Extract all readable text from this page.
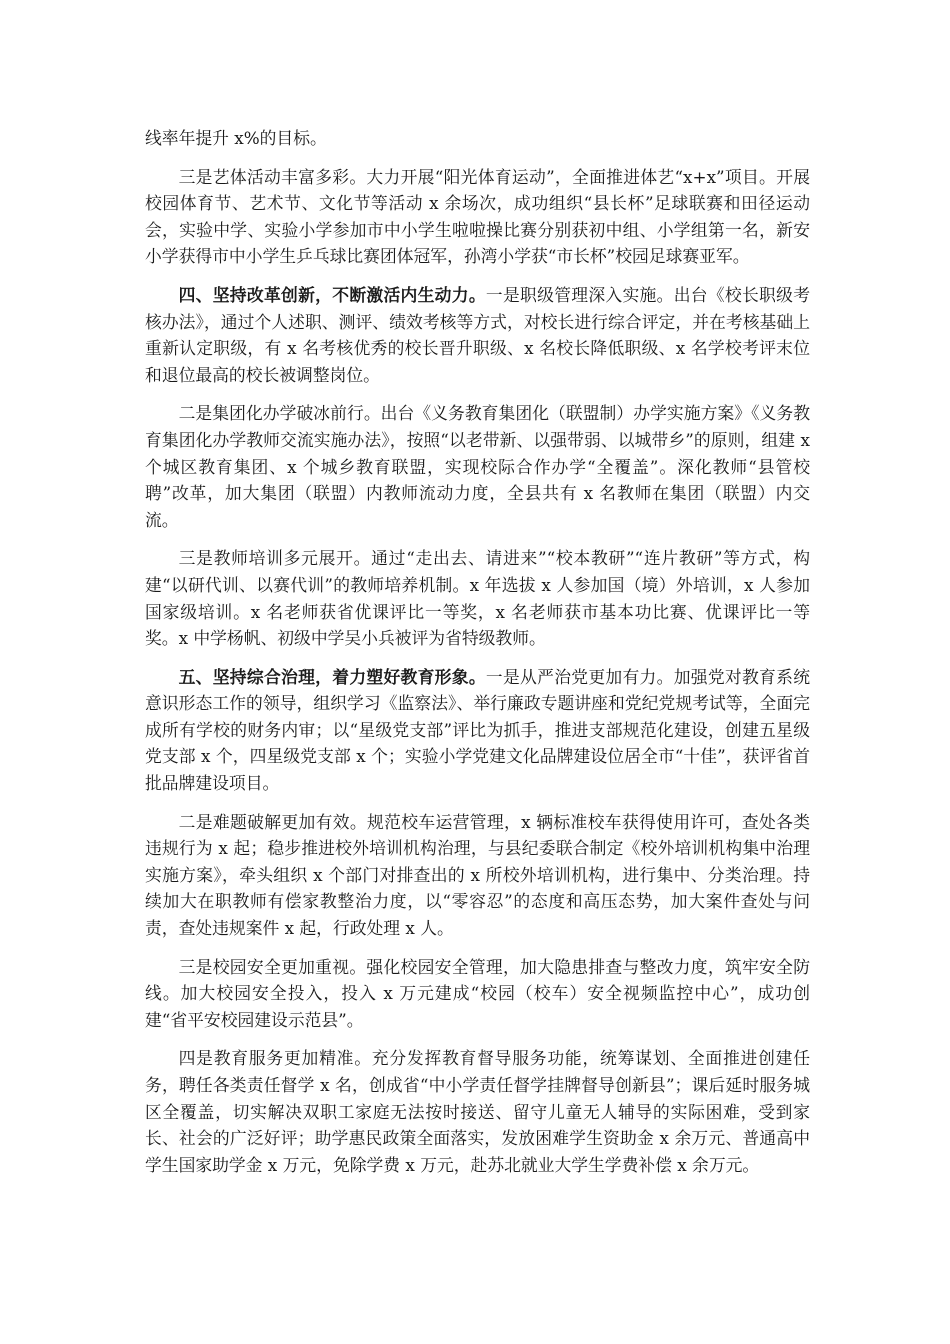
线率年提升 x%的目标。

三是艺体活动丰富多彩。大力开展“阳光体育运动”，全面推进体艺“x+x”项目。开展校园体育节、艺术节、文化节等活动 x 余场次，成功组织“县长杯”足球联赛和田径运动会，实验中学、实验小学参加市中小学生啦啦操比赛分别获初中组、小学组第一名，新安小学获得市中小学生乒乓球比赛团体冠军，孙湾小学获“市长杯”校园足球赛亚军。

四、坚持改革创新，不断激活内生动力。一是职级管理深入实施。出台《校长职级考核办法》，通过个人述职、测评、绩效考核等方式，对校长进行综合评定，并在考核基础上重新认定职级，有 x 名考核优秀的校长晋升职级、x 名校长降低职级、x 名学校考评末位和退位最高的校长被调整岗位。

二是集团化办学破冰前行。出台《义务教育集团化（联盟制）办学实施方案》《义务教育集团化办学教师交流实施办法》，按照“以老带新、以强带弱、以城带乡”的原则，组建 x 个城区教育集团、x 个城乡教育联盟，实现校际合作办学“全覆盖”。深化教师“县管校聘”改革，加大集团（联盟）内教师流动力度，全县共有 x 名教师在集团（联盟）内交流。

三是教师培训多元展开。通过“走出去、请进来”“校本教研”“连片教研”等方式，构建“以研代训、以赛代训”的教师培养机制。x 年选拔 x 人参加国（境）外培训，x 人参加国家级培训。x 名老师获省优课评比一等奖，x 名老师获市基本功比赛、优课评比一等奖。x 中学杨帆、初级中学吴小兵被评为省特级教师。

五、坚持综合治理，着力塑好教育形象。一是从严治党更加有力。加强党对教育系统意识形态工作的领导，组织学习《监察法》、举行廉政专题讲座和党纪党规考试等，全面完成所有学校的财务内审；以“星级党支部”评比为抓手，推进支部规范化建设，创建五星级党支部 x 个，四星级党支部 x 个；实验小学党建文化品牌建设位居全市“十佳”，获评省首批品牌建设项目。

二是难题破解更加有效。规范校车运营管理，x 辆标准校车获得使用许可，查处各类违规行为 x 起；稳步推进校外培训机构治理，与县纪委联合制定《校外培训机构集中治理实施方案》，牵头组织 x 个部门对排查出的 x 所校外培训机构，进行集中、分类治理。持续加大在职教师有偿家教整治力度，以“零容忍”的态度和高压态势，加大案件查处与问责，查处违规案件 x 起，行政处理 x 人。

三是校园安全更加重视。强化校园安全管理，加大隐患排查与整改力度，筑牢安全防线。加大校园安全投入，投入 x 万元建成“校园（校车）安全视频监控中心”，成功创建“省平安校园建设示范县”。

四是教育服务更加精准。充分发挥教育督导服务功能，统筹谋划、全面推进创建任务，聘任各类责任督学 x 名，创成省“中小学责任督学挂牌督导创新县”；课后延时服务城区全覆盖，切实解决双职工家庭无法按时接送、留守儿童无人辅导的实际困难，受到家长、社会的广泛好评；助学惠民政策全面落实，发放困难学生资助金 x 余万元、普通高中学生国家助学金 x 万元，免除学费 x 万元，赴苏北就业大学生学费补偿 x 余万元。
